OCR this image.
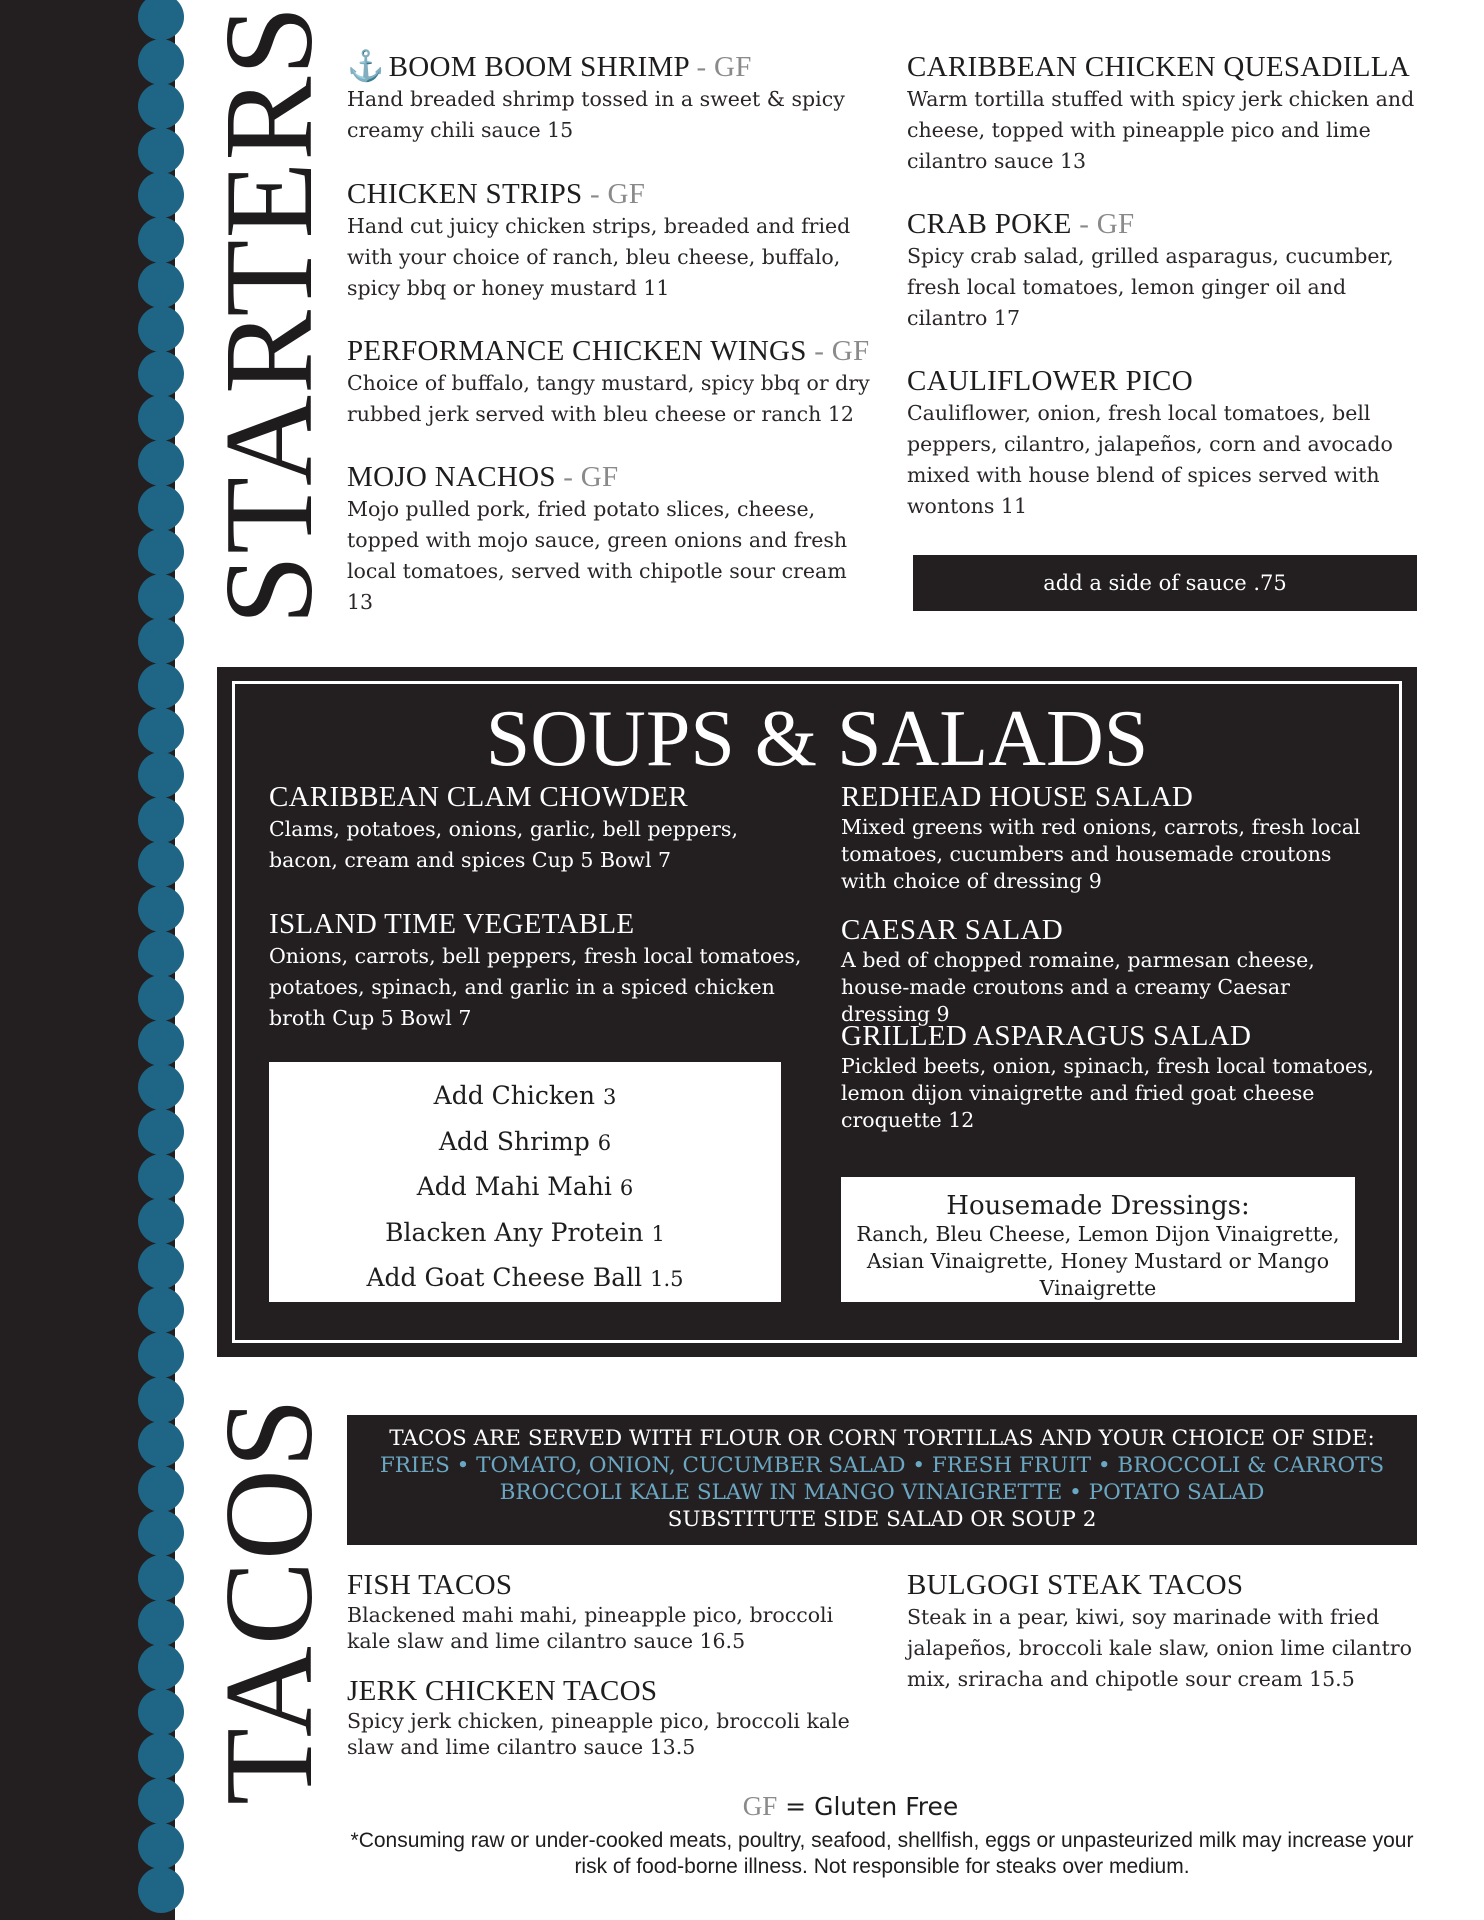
STARTERS
TACOS
⚓ BOOM BOOM SHRIMP - GF
Hand breaded shrimp tossed in a sweet & spicy creamy chili sauce 15
CHICKEN STRIPS - GF
Hand cut juicy chicken strips, breaded and fried with your choice of ranch, bleu cheese, buffalo, spicy bbq or honey mustard 11
PERFORMANCE CHICKEN WINGS - GF
Choice of buffalo, tangy mustard, spicy bbq or dry rubbed jerk served with bleu cheese or ranch 12
MOJO NACHOS - GF
Mojo pulled pork, fried potato slices, cheese, topped with mojo sauce, green onions and fresh local tomatoes, served with chipotle sour cream 13
CARIBBEAN CHICKEN QUESADILLA
Warm tortilla stuffed with spicy jerk chicken and cheese, topped with pineapple pico and lime cilantro sauce 13
CRAB POKE - GF
Spicy crab salad, grilled asparagus, cucumber, fresh local tomatoes, lemon ginger oil and cilantro 17
CAULIFLOWER PICO
Cauliflower, onion, fresh local tomatoes, bell peppers, cilantro, jalapeños, corn and avocado mixed with house blend of spices served with wontons 11
add a side of sauce .75
SOUPS & SALADS
CARIBBEAN CLAM CHOWDER
Clams, potatoes, onions, garlic, bell peppers, bacon, cream and spices Cup 5 Bowl 7
ISLAND TIME VEGETABLE
Onions, carrots, bell peppers, fresh local tomatoes, potatoes, spinach, and garlic in a spiced chicken broth Cup 5 Bowl 7
REDHEAD HOUSE SALAD
Mixed greens with red onions, carrots, fresh local tomatoes, cucumbers and housemade croutons with choice of dressing 9
CAESAR SALAD
A bed of chopped romaine, parmesan cheese, house-made croutons and a creamy Caesar dressing 9
GRILLED ASPARAGUS SALAD
Pickled beets, onion, spinach, fresh local tomatoes, lemon dijon vinaigrette and fried goat cheese croquette 12
Add Chicken 3
Add Shrimp 6
Add Mahi Mahi 6
Blacken Any Protein 1
Add Goat Cheese Ball 1.5
Housemade Dressings:
Ranch, Bleu Cheese, Lemon Dijon Vinaigrette, Asian Vinaigrette, Honey Mustard or Mango Vinaigrette
TACOS ARE SERVED WITH FLOUR OR CORN TORTILLAS AND YOUR CHOICE OF SIDE:
FRIES • TOMATO, ONION, CUCUMBER SALAD • FRESH FRUIT • BROCCOLI & CARROTS
BROCCOLI KALE SLAW IN MANGO VINAIGRETTE • POTATO SALAD
SUBSTITUTE SIDE SALAD OR SOUP 2
FISH TACOS
Blackened mahi mahi, pineapple pico, broccoli kale slaw and lime cilantro sauce 16.5
JERK CHICKEN TACOS
Spicy jerk chicken, pineapple pico, broccoli kale slaw and lime cilantro sauce 13.5
BULGOGI STEAK TACOS
Steak in a pear, kiwi, soy marinade with fried jalapeños, broccoli kale slaw, onion lime cilantro mix, sriracha and chipotle sour cream 15.5
GF = Gluten Free
*Consuming raw or under-cooked meats, poultry, seafood, shellfish, eggs or unpasteurized milk may increase your risk of food-borne illness. Not responsible for steaks over medium.
